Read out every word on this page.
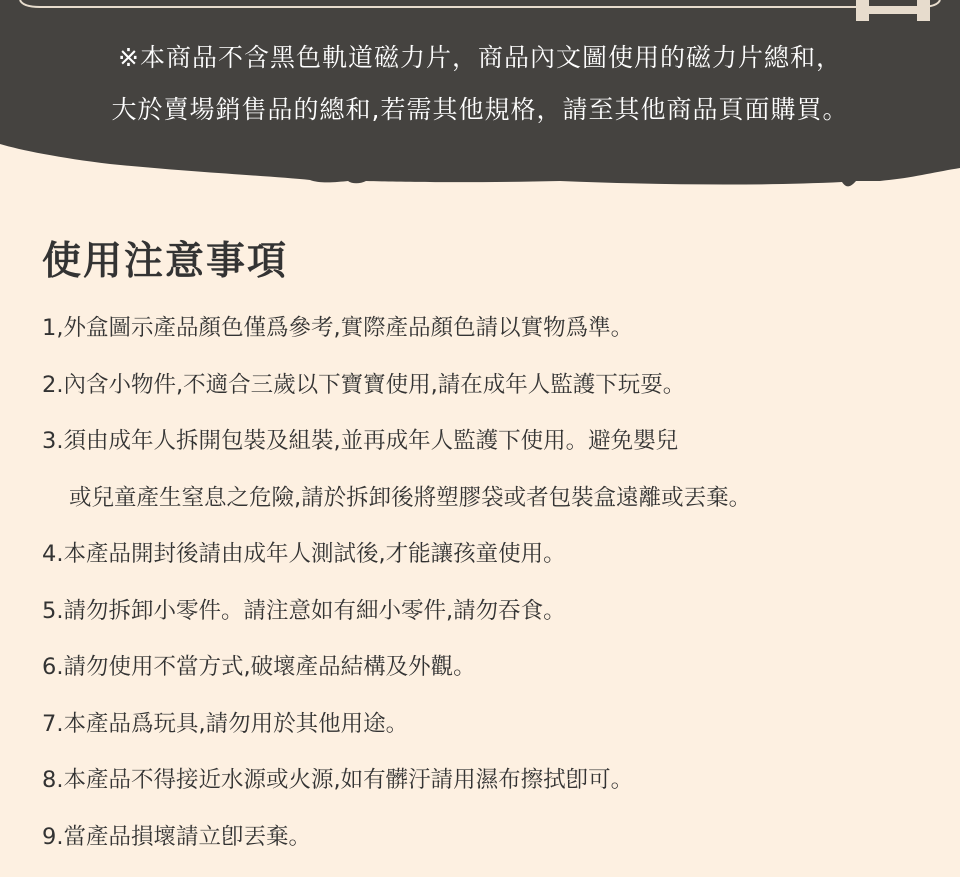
※本商品不含黑色軌道磁力片，商品內文圖使用的磁力片總和，
大於賣場銷售品的總和,若需其他規格，請至其他商品頁面購買。
使用注意事項
1,外盒圖示產品顏色僅爲參考,實際產品顏色請以實物爲準。
2.內含小物件,不適合三歲以下寶寶使用,請在成年人監護下玩耍。
3.須由成年人拆開包裝及組裝,並再成年人監護下使用。避免嬰兒
或兒童產生窒息之危險,請於拆卸後將塑膠袋或者包裝盒遠離或丟棄。
4.本產品開封後請由成年人測試後,才能讓孩童使用。
5.請勿拆卸小零件。請注意如有細小零件,請勿吞食。
6.請勿使用不當方式,破壞產品結構及外觀。
7.本產品爲玩具,請勿用於其他用途。
8.本產品不得接近水源或火源,如有髒汙請用濕布擦拭卽可。
9.當產品損壞請立卽丟棄。
